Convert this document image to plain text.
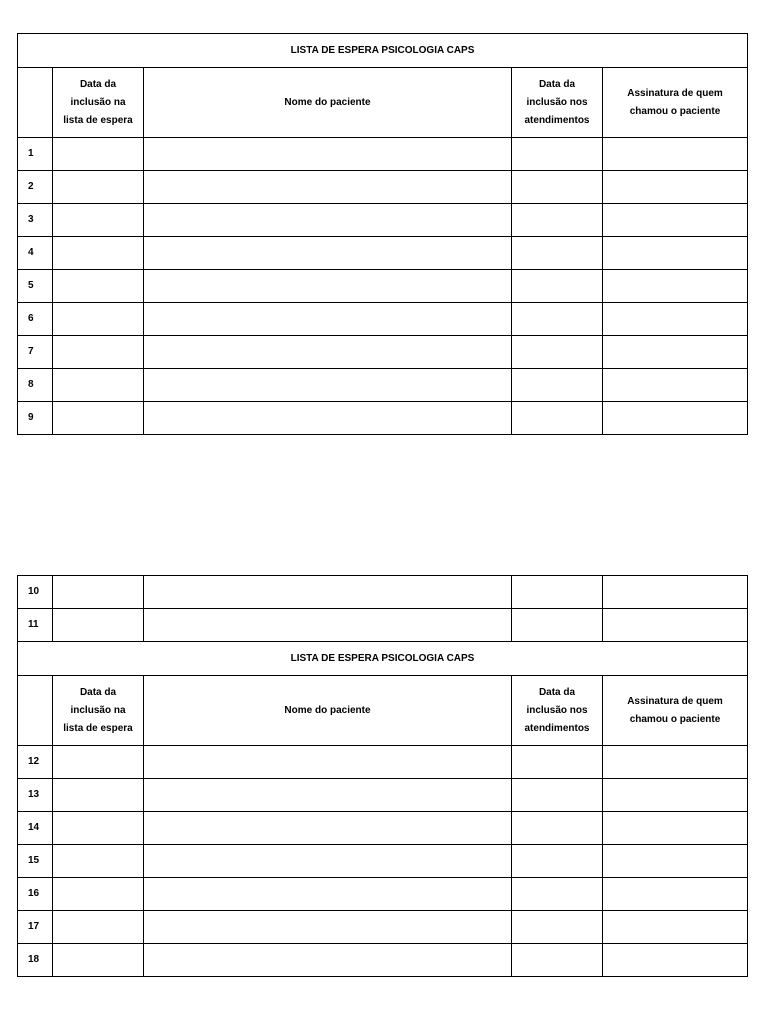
LISTA DE ESPERA PSICOLOGIA CAPS				

	Data da
inclusão na
lista de espera	Nome do paciente	Data da
inclusão nos
atendimentos	Assinatura de quem
chamou o paciente

1				
2				
3				
4				
5				
6				
7				
8				
9				
10				
11				
LISTA DE ESPERA PSICOLOGIA CAPS				

	Data da
inclusão na
lista de espera	Nome do paciente	Data da
inclusão nos
atendimentos	Assinatura de quem
chamou o paciente

12				
13				
14				
15				
16				
17				
18				
